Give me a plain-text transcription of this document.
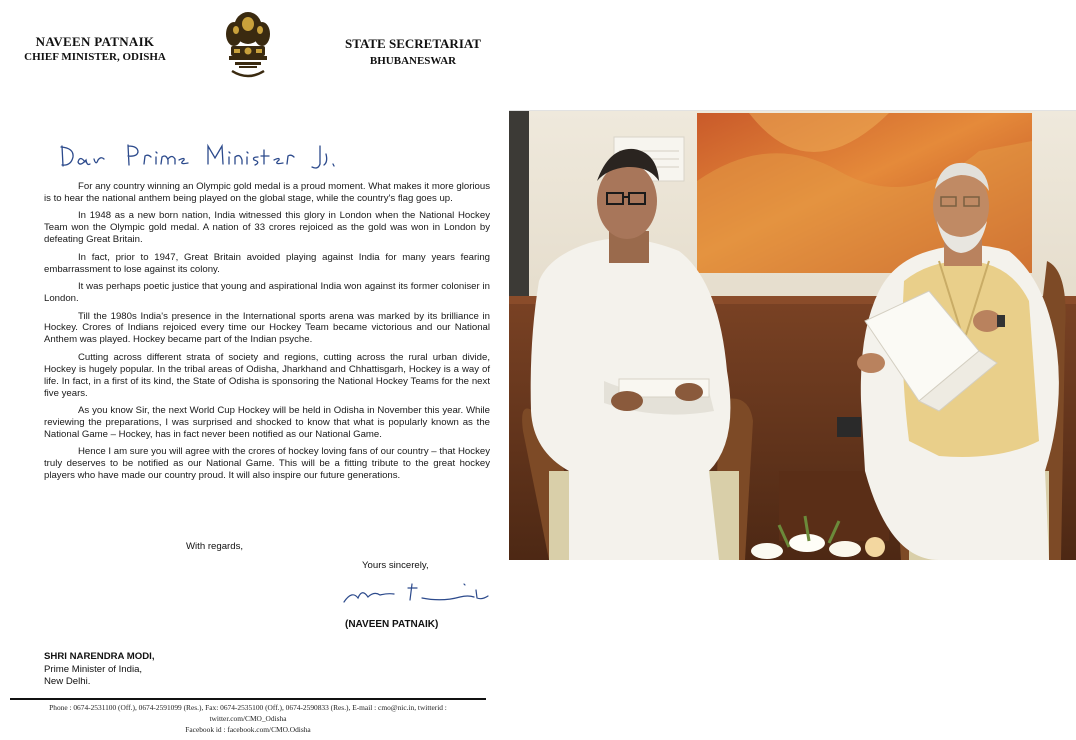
NAVEEN PATNAIK
CHIEF MINISTER, ODISHA
STATE SECRETARIAT
BHUBANESWAR

For any country winning an Olympic gold medal is a proud moment. What makes it more glorious is to hear the national anthem being played on the global stage, while the country's flag goes up.

In 1948 as a new born nation, India witnessed this glory in London when the National Hockey Team won the Olympic gold medal. A nation of 33 crores rejoiced as the gold was won in London by defeating Great Britain.

In fact, prior to 1947, Great Britain avoided playing against India for many years fearing embarrassment to lose against its colony.

It was perhaps poetic justice that young and aspirational India won against its former coloniser in London.

Till the 1980s India's presence in the International sports arena was marked by its brilliance in Hockey. Crores of Indians rejoiced every time our Hockey Team became victorious and our National Anthem was played. Hockey became part of the Indian psyche.

Cutting across different strata of society and regions, cutting across the rural urban divide, Hockey is hugely popular. In the tribal areas of Odisha, Jharkhand and Chhattisgarh, Hockey is a way of life. In fact, in a first of its kind, the State of Odisha is sponsoring the National Hockey Teams for the next five years.

As you know Sir, the next World Cup Hockey will be held in Odisha in November this year. While reviewing the preparations, I was surprised and shocked to know that what is popularly known as the National Game – Hockey, has in fact never been notified as our National Game.

Hence I am sure you will agree with the crores of hockey loving fans of our country – that Hockey truly deserves to be notified as our National Game. This will be a fitting tribute to the great hockey players who have made our country proud. It will also inspire our future generations.

With regards,
Yours sincerely,
(NAVEEN PATNAIK)
SHRI NARENDRA MODI,
Prime Minister of India,
New Delhi.
Phone : 0674-2531100 (Off.), 0674-2591099 (Res.), Fax: 0674-2535100 (Off.), 0674-2590833 (Res.), E-mail : cmo@nic.in, twitterid : twitter.com/CMO_Odisha
Facebook id : facebook.com/CMO.Odisha
